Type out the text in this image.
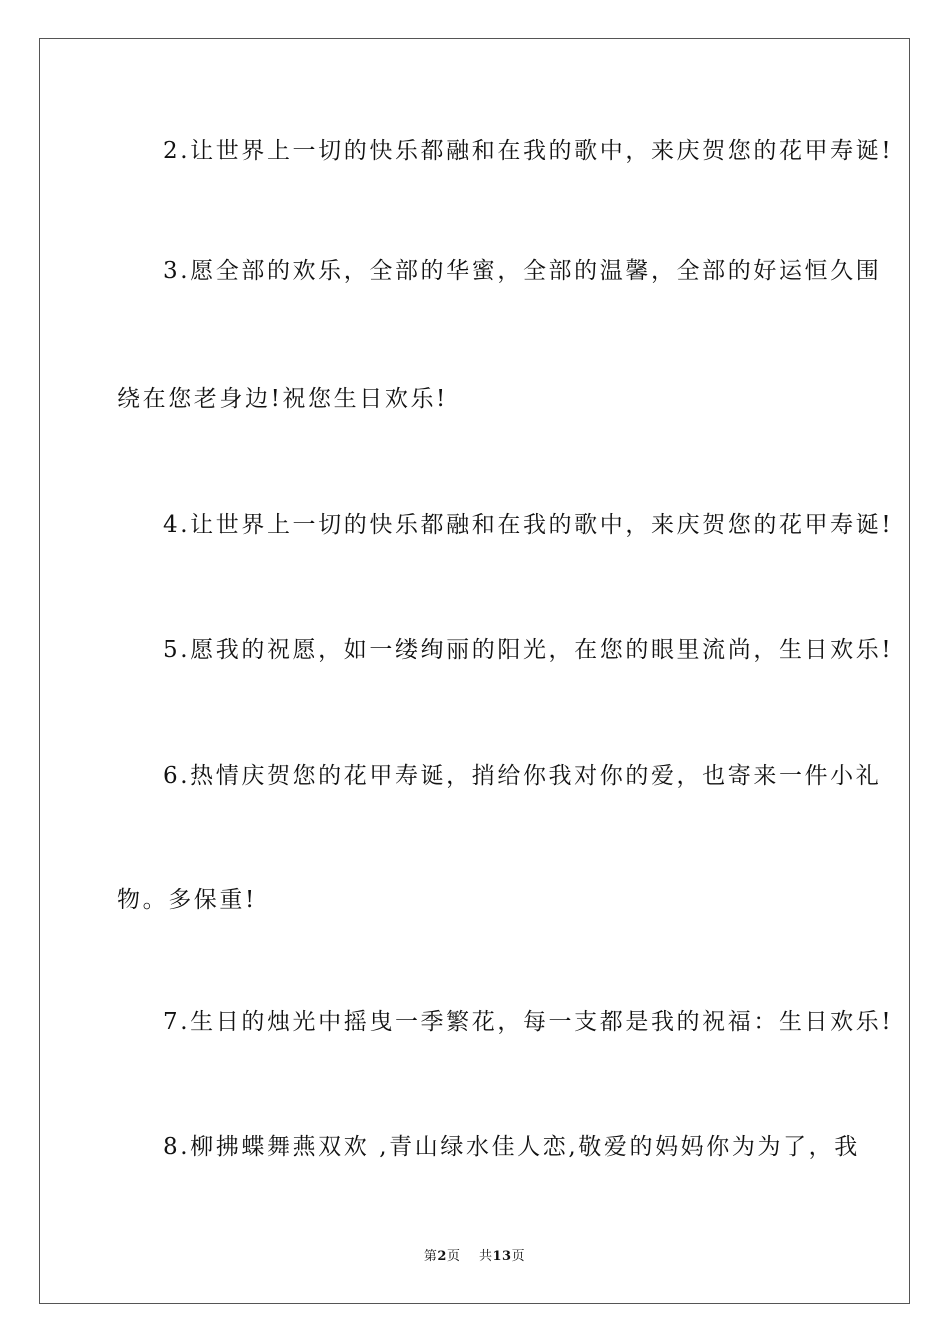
2.让世界上一切的快乐都融和在我的歌中，来庆贺您的花甲寿诞!
3.愿全部的欢乐，全部的华蜜，全部的温馨，全部的好运恒久围
绕在您老身边!祝您生日欢乐!
4.让世界上一切的快乐都融和在我的歌中，来庆贺您的花甲寿诞!
5.愿我的祝愿，如一缕绚丽的阳光，在您的眼里流尚，生日欢乐!
6.热情庆贺您的花甲寿诞，捎给你我对你的爱，也寄来一件小礼
物。多保重!
7.生日的烛光中摇曳一季繁花，每一支都是我的祝福：生日欢乐!
8.柳拂蝶舞燕双欢 ,青山绿水佳人恋,敬爱的妈妈你为为了，我
第2页    共13页
